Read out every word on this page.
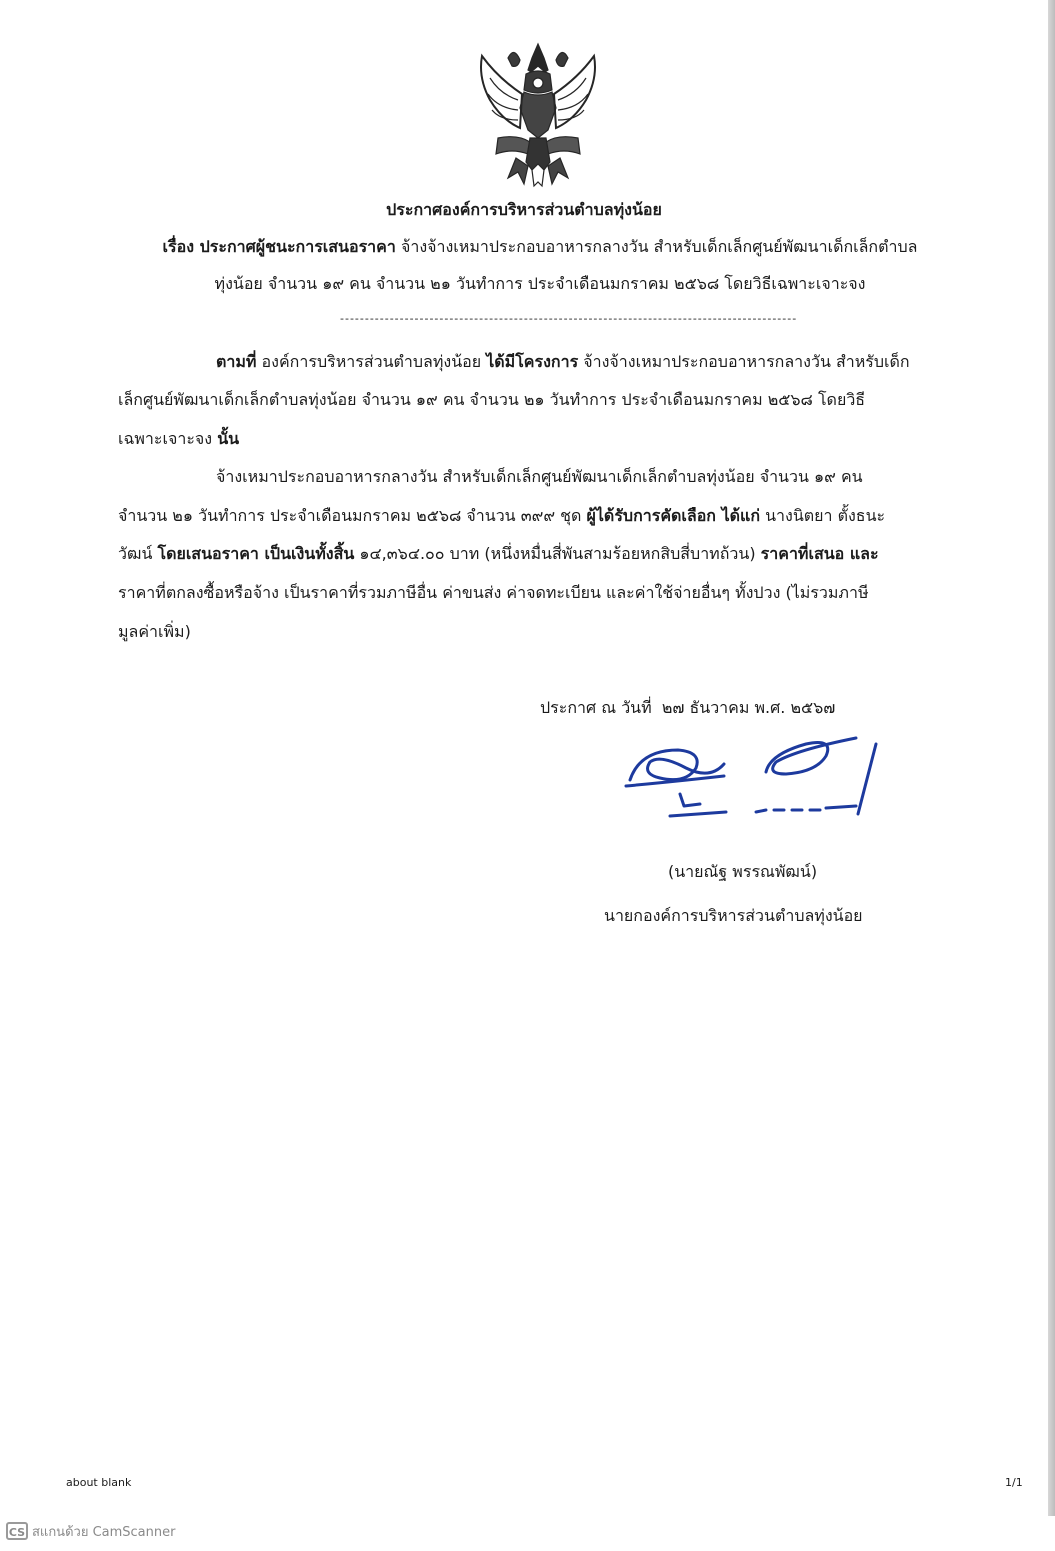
ประกาศองค์การบริหารส่วนตำบลทุ่งน้อย
เรื่อง ประกาศผู้ชนะการเสนอราคา จ้างจ้างเหมาประกอบอาหารกลางวัน สำหรับเด็กเล็กศูนย์พัฒนาเด็กเล็กตำบล
ทุ่งน้อย จำนวน ๑๙ คน จำนวน ๒๑ วันทำการ ประจำเดือนมกราคม ๒๕๖๘ โดยวิธีเฉพาะเจาะจง
--------------------------------------------------------------------------------------------
ตามที่ องค์การบริหารส่วนตำบลทุ่งน้อย ได้มีโครงการ จ้างจ้างเหมาประกอบอาหารกลางวัน สำหรับเด็ก
เล็กศูนย์พัฒนาเด็กเล็กตำบลทุ่งน้อย จำนวน ๑๙ คน จำนวน ๒๑ วันทำการ ประจำเดือนมกราคม ๒๕๖๘ โดยวิธี
เฉพาะเจาะจง นั้น
จ้างเหมาประกอบอาหารกลางวัน สำหรับเด็กเล็กศูนย์พัฒนาเด็กเล็กตำบลทุ่งน้อย จำนวน ๑๙ คน
จำนวน ๒๑ วันทำการ ประจำเดือนมกราคม ๒๕๖๘ จำนวน ๓๙๙ ชุด ผู้ได้รับการคัดเลือก ได้แก่ นางนิตยา ตั้งธนะ
วัฒน์ โดยเสนอราคา เป็นเงินทั้งสิ้น ๑๔,๓๖๔.๐๐ บาท (หนึ่งหมื่นสี่พันสามร้อยหกสิบสี่บาทถ้วน) ราคาที่เสนอ และ
ราคาที่ตกลงซื้อหรือจ้าง เป็นราคาที่รวมภาษีอื่น ค่าขนส่ง ค่าจดทะเบียน และค่าใช้จ่ายอื่นๆ ทั้งปวง (ไม่รวมภาษี
มูลค่าเพิ่ม)
ประกาศ ณ วันที่ ๒๗ ธันวาคม พ.ศ. ๒๕๖๗
(นายณัฐ พรรณพัฒน์)
นายกองค์การบริหารส่วนตำบลทุ่งน้อย
about blank	1/1
CS สแกนด้วย CamScanner
